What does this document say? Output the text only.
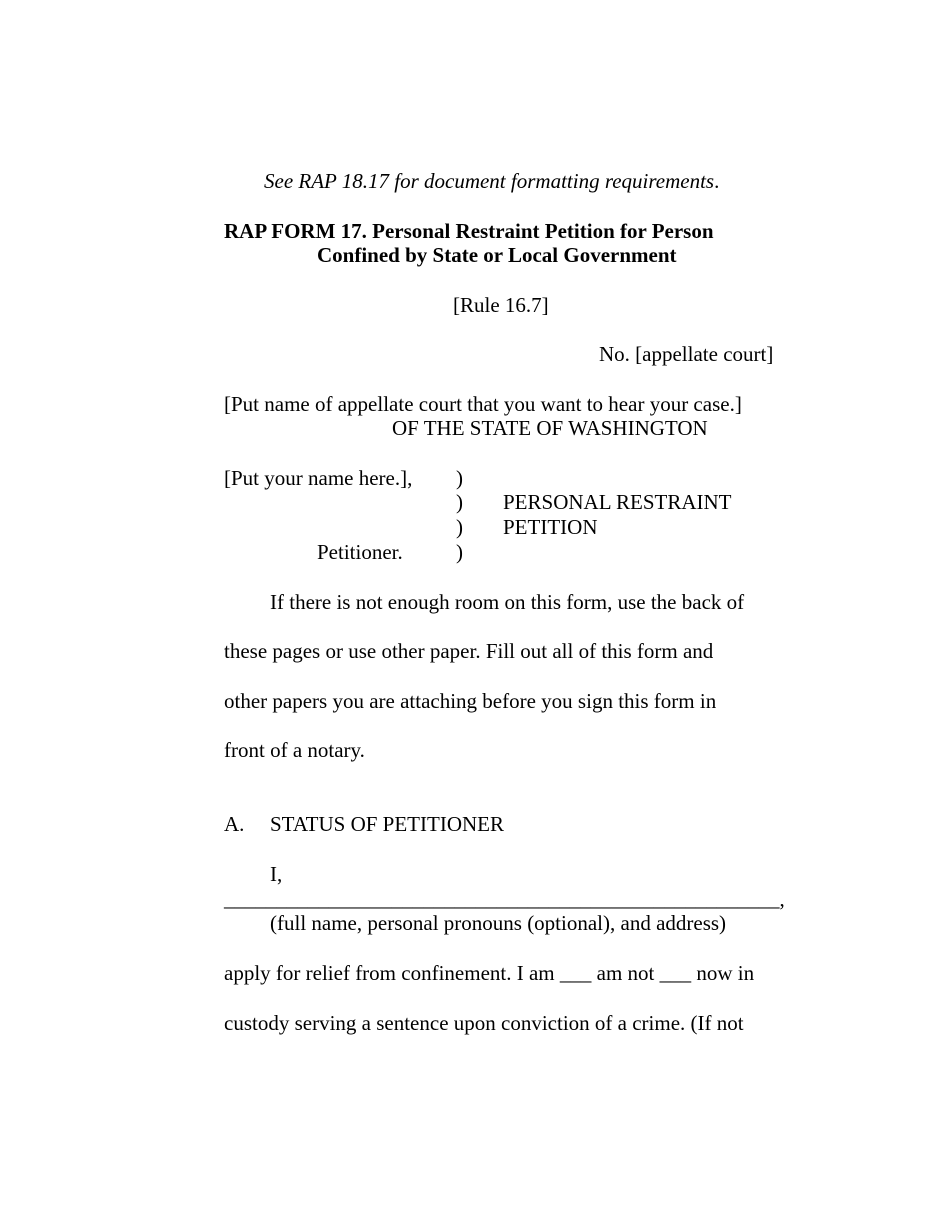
See RAP 18.17 for document formatting requirements.
RAP FORM 17. Personal Restraint Petition for Person
Confined by State or Local Government
[Rule 16.7]
No. [appellate court]
[Put name of appellate court that you want to hear your case.]
OF THE STATE OF WASHINGTON
[Put your name here.],
Petitioner.
)
)
)
)
PERSONAL RESTRAINT
PETITION
If there is not enough room on this form, use the back of
these pages or use other paper. Fill out all of this form and
other papers you are attaching before you sign this form in
front of a notary.
A. STATUS OF PETITIONER
I,
_____________________________________________________,
(full name, personal pronouns (optional), and address)
apply for relief from confinement. I am ___ am not ___ now in
custody serving a sentence upon conviction of a crime. (If not
